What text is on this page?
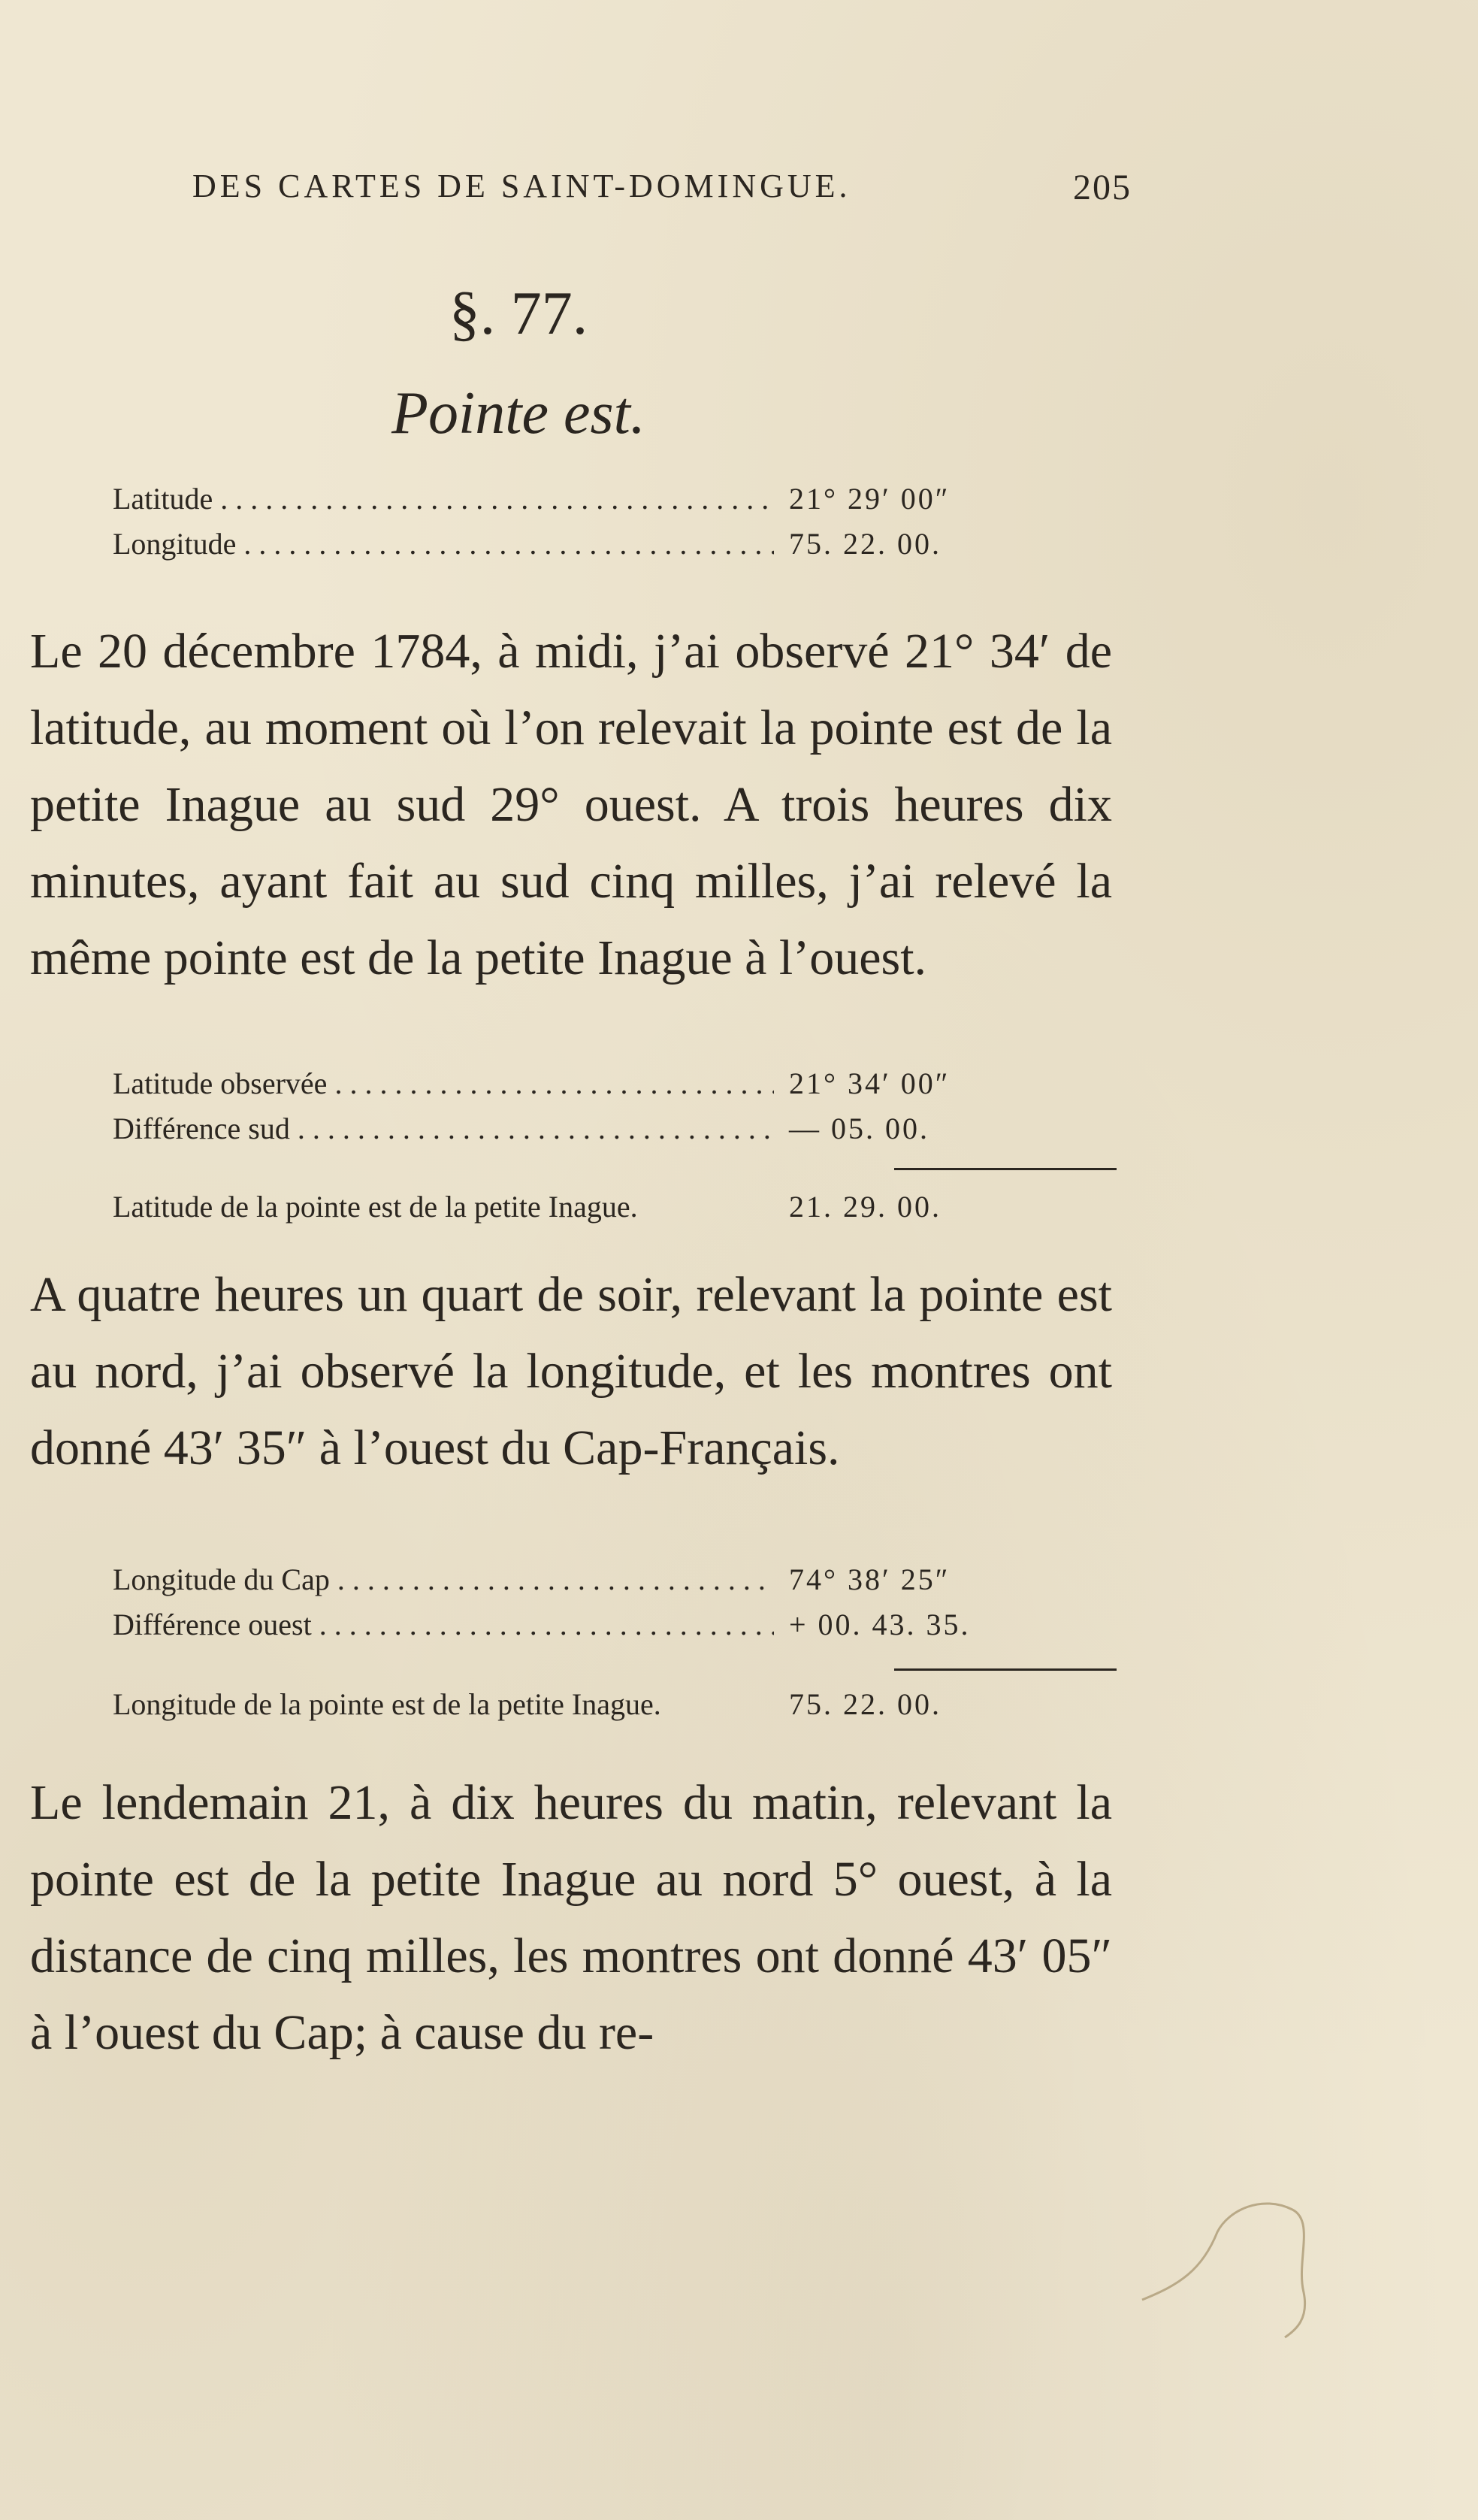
DES CARTES DE SAINT-DOMINGUE.	205
§. 77.
Pointe est.
Latitude . . .	21° 29′ 00″
Longitude . . .	75. 22. 00.
Le 20 décembre 1784, à midi, j’ai observé 21° 34′ de latitude, au moment où l’on relevait la pointe est de la petite Inague au sud 29° ouest. A trois heures dix minutes, ayant fait au sud cinq milles, j’ai relevé la même pointe est de la petite Inague à l’ouest.
Latitude observée . . .	21° 34′ 00″
Différence sud . . .	— 05. 00.
Latitude de la pointe est de la petite Inague.	21. 29. 00.
A quatre heures un quart de soir, relevant la pointe est au nord, j’ai observé la longitude, et les montres ont donné 43′ 35″ à l’ouest du Cap-Français.
Longitude du Cap . . .	74° 38′ 25″
Différence ouest . . .	+ 00. 43. 35.
Longitude de la pointe est de la petite Inague.	75. 22. 00.
Le lendemain 21, à dix heures du matin, relevant la pointe est de la petite Inague au nord 5° ouest, à la distance de cinq milles, les montres ont donné 43′ 05″ à l’ouest du Cap; à cause du re-
